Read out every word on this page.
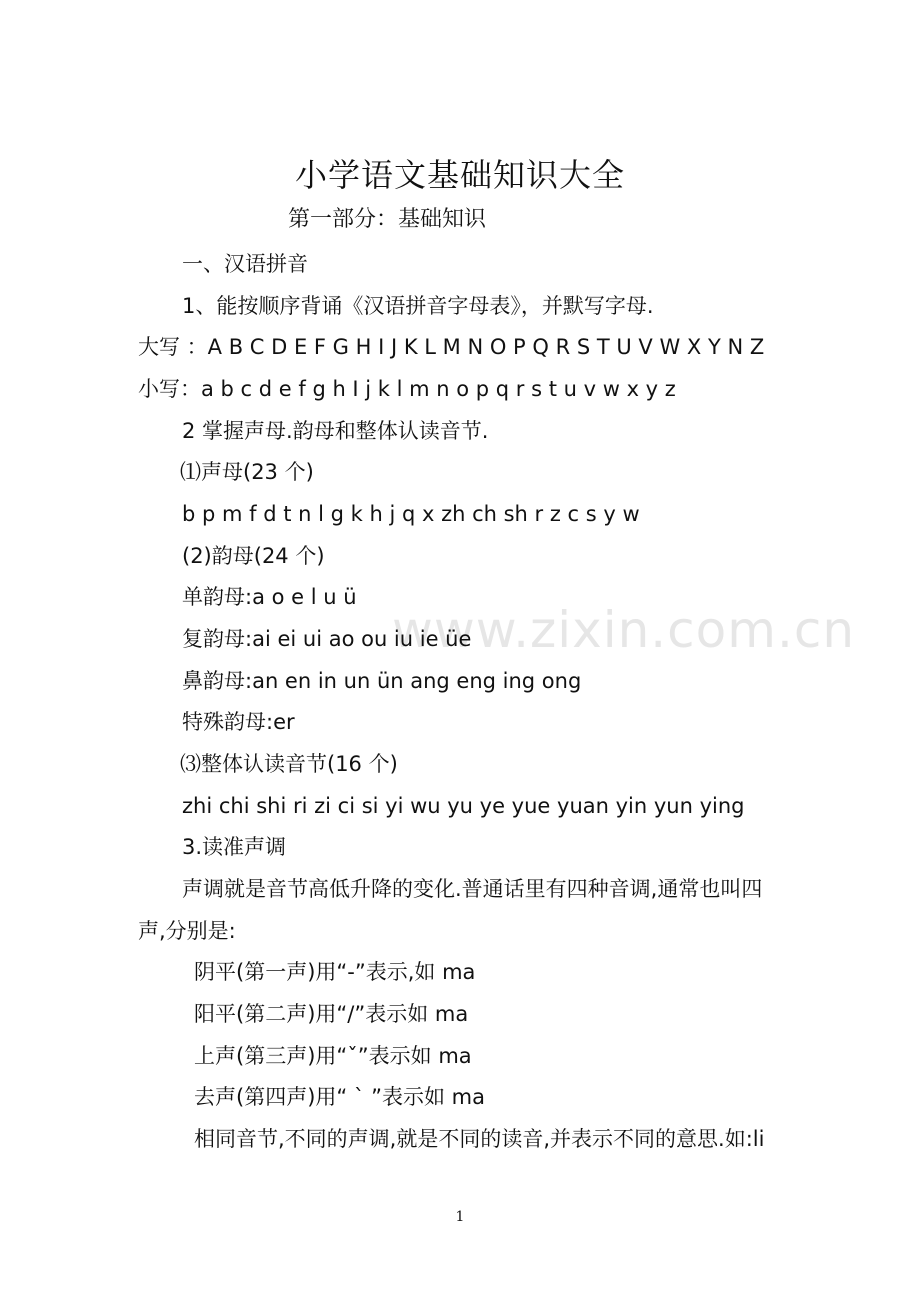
www.zixin.com.cn
小学语文基础知识大全
第一部分：基础知识
一、汉语拼音
1、能按顺序背诵《汉语拼音字母表》，并默写字母.
大写 ：A B C D E F G H I J K L M N O P Q R S T U V W X Y N Z
小写：a b c d e f g h I j k l m n o p q r s t u v w x y z
2 掌握声母.韵母和整体认读音节.
⑴声母(23 个)
b p m f d t n l g k h j q x zh ch sh r z c s y w
(2)韵母(24 个)
单韵母:a o e l u ü
复韵母:ai ei ui ao ou iu ie üe
鼻韵母:an en in un ün ang eng ing ong
特殊韵母:er
⑶整体认读音节(16 个)
zhi chi shi ri zi ci si yi wu yu ye yue yuan yin yun ying
3.读准声调
声调就是音节高低升降的变化.普通话里有四种音调,通常也叫四
声,分别是:
阴平(第一声)用“-”表示,如 ma
阳平(第二声)用“/”表示如 ma
上声(第三声)用“ˇ”表示如 ma
去声(第四声)用“ ` ”表示如 ma
相同音节,不同的声调,就是不同的读音,并表示不同的意思.如:li
1
